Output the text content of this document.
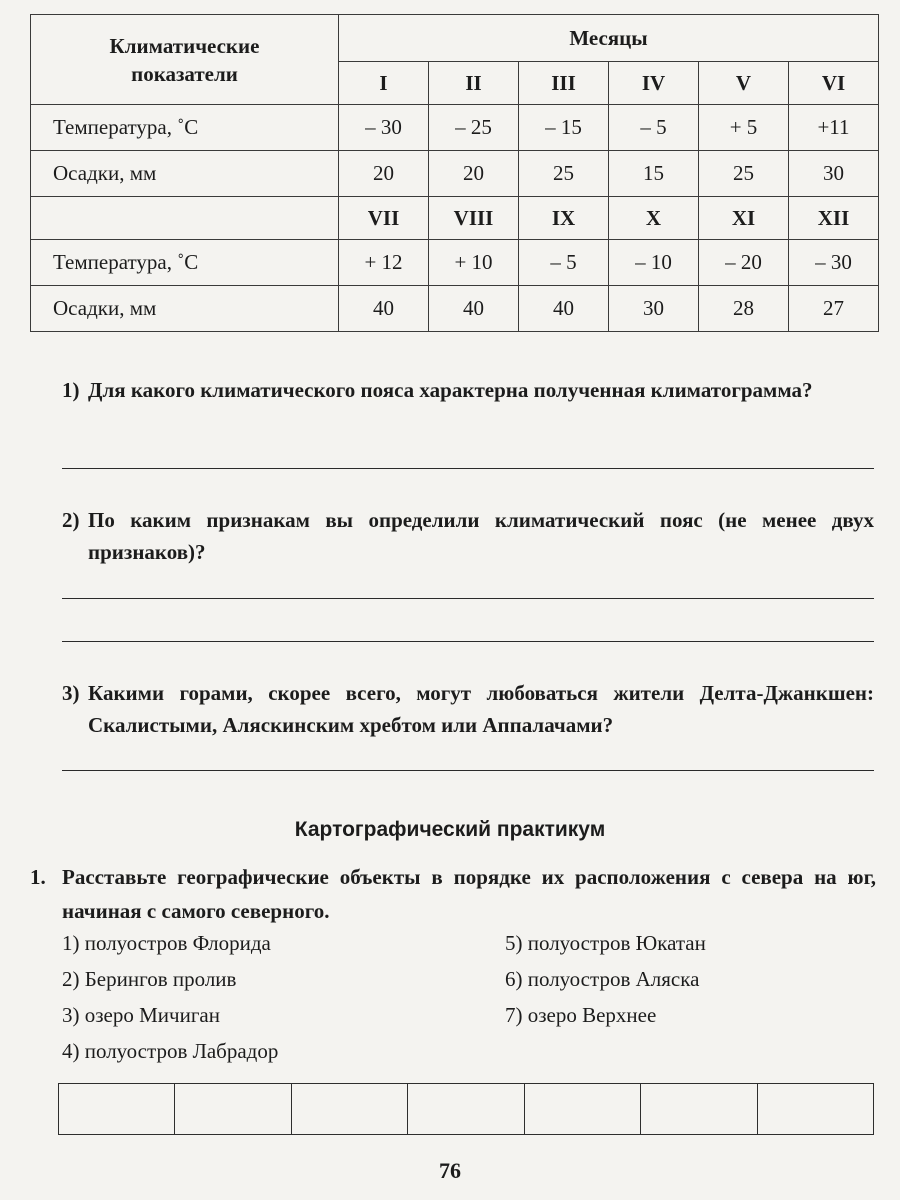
Климатические показатели	Месяцы					
	I	II	III	IV	V	VI
Температура, ˚C	– 30	– 25	– 15	– 5	+ 5	+11
Осадки, мм	20	20	25	15	25	30
	VII	VIII	IX	X	XI	XII
Температура, ˚C	+ 12	+ 10	– 5	– 10	– 20	– 30
Осадки, мм	40	40	40	30	28	27
1) Для какого климатического пояса характерна полученная климатограмма?
2) По каким признакам вы определили климатический пояс (не менее двух признаков)?
3) Какими горами, скорее всего, могут любоваться жители Делта-Джанкшен: Скалистыми, Аляскинским хребтом или Аппалачами?
Картографический практикум
1. Расставьте географические объекты в порядке их расположения с севера на юг, начиная с самого северного.
1) полуостров Флорида
2) Берингов пролив
3) озеро Мичиган
4) полуостров Лабрадор
5) полуостров Юкатан
6) полуостров Аляска
7) озеро Верхнее

76
